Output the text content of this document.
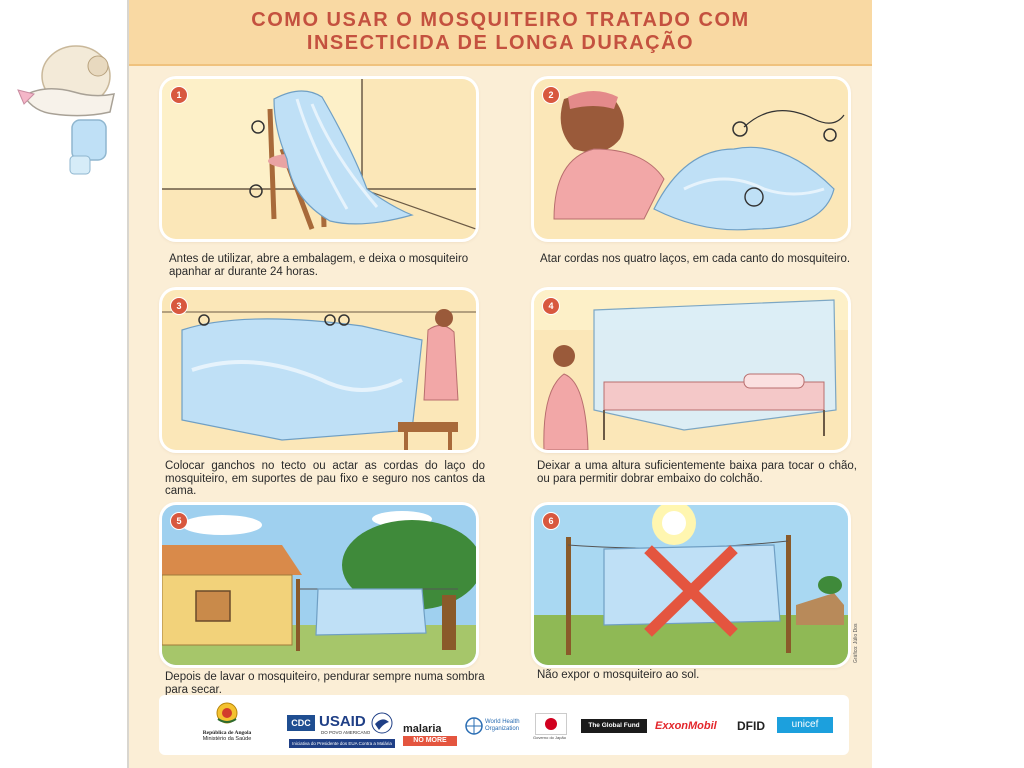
COMO USAR O MOSQUITEIRO TRATADO COM
INSECTICIDA DE LONGA DURAÇÃO
1
Antes de utilizar, abre a embalagem, e deixa o mosquiteiro apanhar ar durante 24 horas.
2
Atar cordas nos quatro laços, em cada canto do mosquiteiro.
3
Colocar ganchos no tecto ou actar as cordas do laço do mosquiteiro, em suportes de pau fixo e seguro nos cantos da cama.
4
Deixar a uma altura suficientemente baixa para tocar o chão, ou para permitir dobrar embaixo do colchão.
5
Depois de lavar o mosquiteiro, pendurar sempre numa sombra para secar.
6
Não expor o mosquiteiro ao sol.
Gráfico: Júlio Dos
República de Angola
Ministério da Saúde
CDC USAID
DO POVO AMERICANO
Iniciativa do Presidente dos EUA Contra a Malária
malaria
NO MORE
World Health
Organization
Governo do Japão
The Global Fund	ExxonMobil DFID	unicef
